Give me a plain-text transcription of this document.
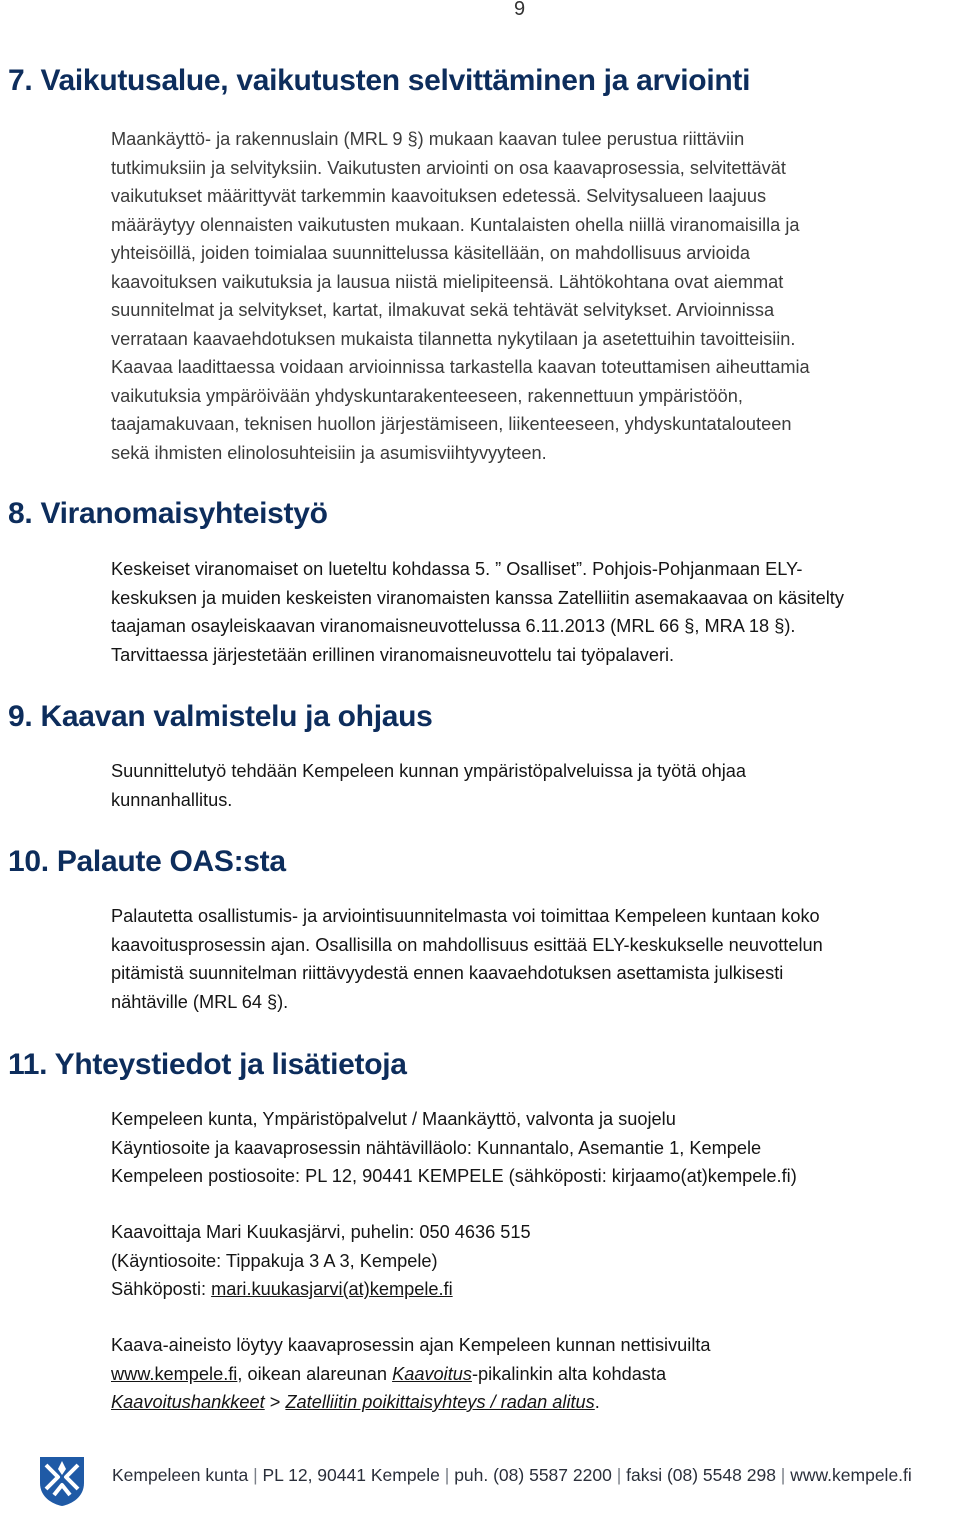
9
7. Vaikutusalue, vaikutusten selvittäminen ja arviointi
Maankäyttö- ja rakennuslain (MRL 9 §) mukaan kaavan tulee perustua riittäviin
tutkimuksiin ja selvityksiin. Vaikutusten arviointi on osa kaavaprosessia, selvitettävät
vaikutukset määrittyvät tarkemmin kaavoituksen edetessä. Selvitysalueen laajuus
määräytyy olennaisten vaikutusten mukaan. Kuntalaisten ohella niillä viranomaisilla ja
yhteisöillä, joiden toimialaa suunnittelussa käsitellään, on mahdollisuus arvioida
kaavoituksen vaikutuksia ja lausua niistä mielipiteensä. Lähtökohtana ovat aiemmat
suunnitelmat ja selvitykset, kartat, ilmakuvat sekä tehtävät selvitykset. Arvioinnissa
verrataan kaavaehdotuksen mukaista tilannetta nykytilaan ja asetettuihin tavoitteisiin.
Kaavaa laadittaessa voidaan arvioinnissa tarkastella kaavan toteuttamisen aiheuttamia
vaikutuksia ympäröivään yhdyskuntarakenteeseen, rakennettuun ympäristöön,
taajamakuvaan, teknisen huollon järjestämiseen, liikenteeseen, yhdyskuntatalouteen
sekä ihmisten elinolosuhteisiin ja asumisviihtyvyyteen.
8. Viranomaisyhteistyö
Keskeiset viranomaiset on lueteltu kohdassa 5. ” Osalliset”. Pohjois-Pohjanmaan ELY-
keskuksen ja muiden keskeisten viranomaisten kanssa Zatelliitin asemakaavaa on käsitelty
taajaman osayleiskaavan viranomaisneuvottelussa 6.11.2013 (MRL 66 §, MRA 18 §).
Tarvittaessa järjestetään erillinen viranomaisneuvottelu tai työpalaveri.
9. Kaavan valmistelu ja ohjaus
Suunnittelutyö tehdään Kempeleen kunnan ympäristöpalveluissa ja työtä ohjaa
kunnanhallitus.
10. Palaute OAS:sta
Palautetta osallistumis- ja arviointisuunnitelmasta voi toimittaa Kempeleen kuntaan koko
kaavoitusprosessin ajan. Osallisilla on mahdollisuus esittää ELY-keskukselle neuvottelun
pitämistä suunnitelman riittävyydestä ennen kaavaehdotuksen asettamista julkisesti
nähtäville (MRL 64 §).
11. Yhteystiedot ja lisätietoja
Kempeleen kunta, Ympäristöpalvelut / Maankäyttö, valvonta ja suojelu
Käyntiosoite ja kaavaprosessin nähtävilläolo: Kunnantalo, Asemantie 1, Kempele
Kempeleen postiosoite: PL 12, 90441 KEMPELE (sähköposti: kirjaamo(at)kempele.fi)
Kaavoittaja Mari Kuukasjärvi, puhelin: 050 4636 515
(Käyntiosoite: Tippakuja 3 A 3, Kempele)
Sähköposti: mari.kuukasjarvi(at)kempele.fi
Kaava-aineisto löytyy kaavaprosessin ajan Kempeleen kunnan nettisivuilta
www.kempele.fi, oikean alareunan Kaavoitus-pikalinkin alta kohdasta
Kaavoitushankkeet > Zatelliitin poikittaisyhteys / radan alitus.
Kempeleen kunta | PL 12, 90441 Kempele | puh. (08) 5587 2200 | faksi (08) 5548 298 | www.kempele.fi
